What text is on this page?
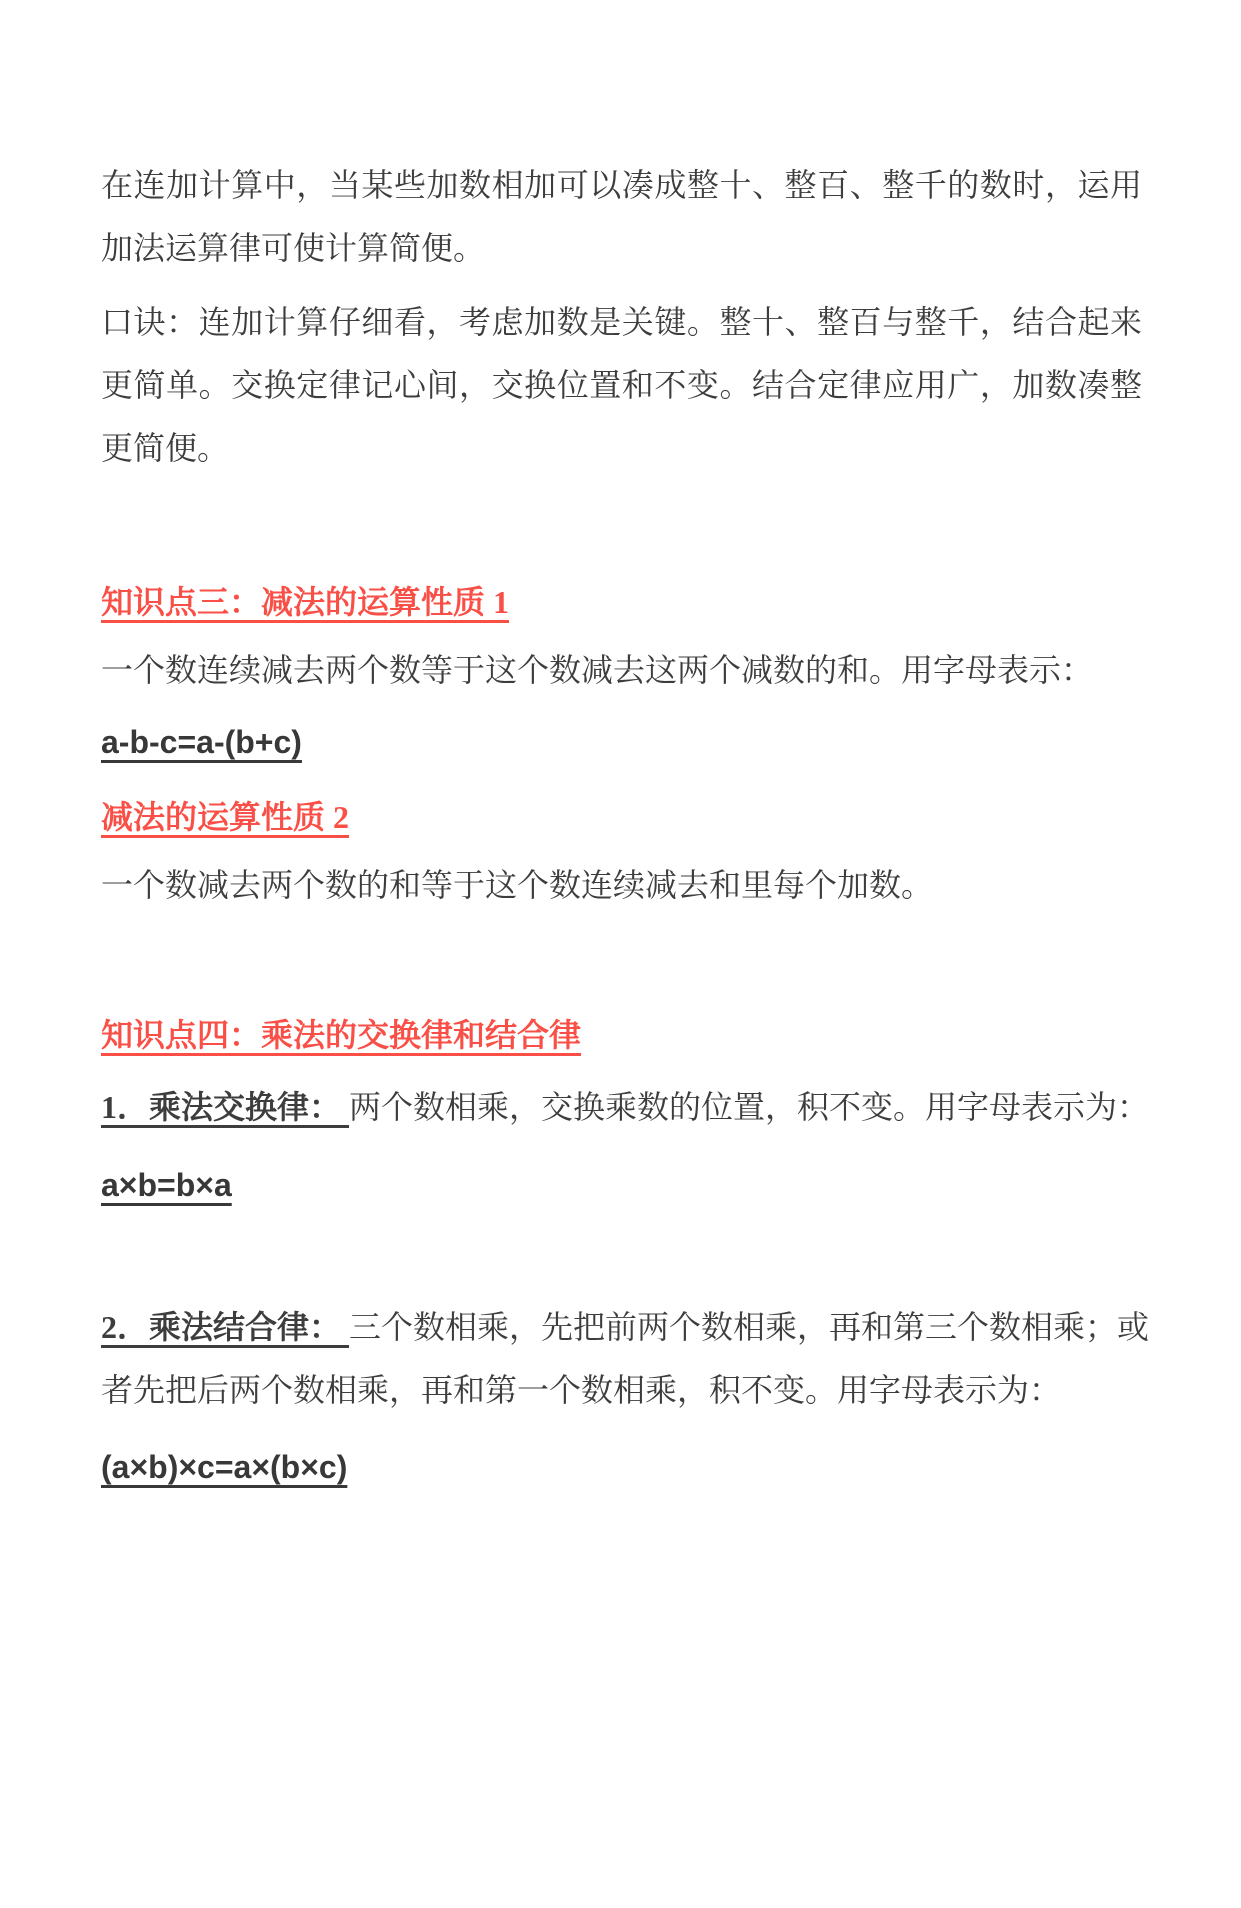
在连加计算中，当某些加数相加可以凑成整十、整百、整千的数时，运用
加法运算律可使计算简便。
口诀：连加计算仔细看，考虑加数是关键。整十、整百与整千，结合起来
更简单。交换定律记心间，交换位置和不变。结合定律应用广，加数凑整
更简便。
知识点三：减法的运算性质 1
一个数连续减去两个数等于这个数减去这两个减数的和。用字母表示：
a-b-c=a-(b+c)
减法的运算性质 2
一个数减去两个数的和等于这个数连续减去和里每个加数。
知识点四：乘法的交换律和结合律
1．乘法交换律： 两个数相乘，交换乘数的位置，积不变。用字母表示为：
a×b=b×a
2．乘法结合律： 三个数相乘，先把前两个数相乘，再和第三个数相乘；或
者先把后两个数相乘，再和第一个数相乘，积不变。用字母表示为：
(a×b)×c=a×(b×c)
